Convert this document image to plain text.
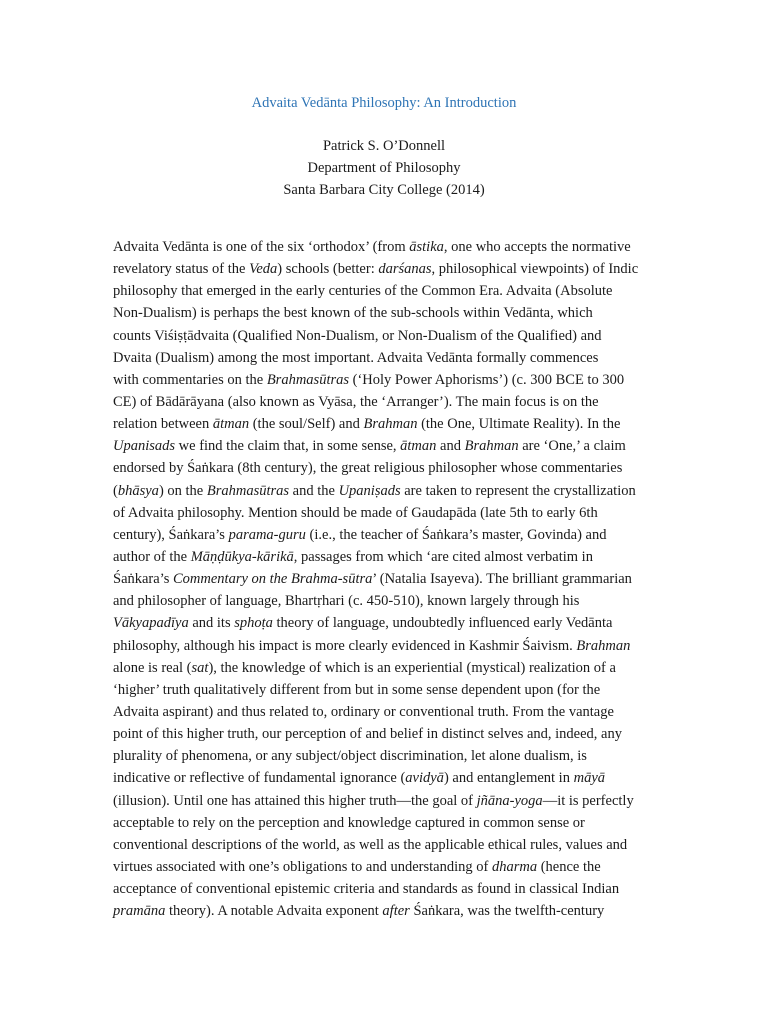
Advaita Vedānta Philosophy: An Introduction
Patrick S. O’Donnell
Department of Philosophy
Santa Barbara City College (2014)
Advaita Vedānta is one of the six ‘orthodox’ (from āstika, one who accepts the normative
revelatory status of the Veda) schools (better: darśanas, philosophical viewpoints) of Indic
philosophy that emerged in the early centuries of the Common Era. Advaita (Absolute
Non-Dualism) is perhaps the best known of the sub-schools within Vedānta, which
counts Viśiṣṭādvaita (Qualified Non-Dualism, or Non-Dualism of the Qualified) and
Dvaita (Dualism) among the most important. Advaita Vedānta formally commences
with commentaries on the Brahmasūtras (‘Holy Power Aphorisms’) (c. 300 BCE to 300
CE) of Bādārāyana (also known as Vyāsa, the ‘Arranger’). The main focus is on the
relation between ātman (the soul/Self) and Brahman (the One, Ultimate Reality). In the
Upanisads we find the claim that, in some sense, ātman and Brahman are ‘One,’ a claim
endorsed by Śaṅkara (8th century), the great religious philosopher whose commentaries
(bhāsya) on the Brahmasūtras and the Upaniṣads are taken to represent the crystallization
of Advaita philosophy. Mention should be made of Gaudapāda (late 5th to early 6th
century), Śaṅkara’s parama-guru (i.e., the teacher of Śaṅkara’s master, Govinda) and
author of the Māṇḍūkya-kārikā, passages from which ‘are cited almost verbatim in
Śaṅkara’s Commentary on the Brahma-sūtra’ (Natalia Isayeva). The brilliant grammarian
and philosopher of language, Bhartṛhari (c. 450-510), known largely through his
Vākyapadīya and its sphoṭa theory of language, undoubtedly influenced early Vedānta
philosophy, although his impact is more clearly evidenced in Kashmir Śaivism. Brahman
alone is real (sat), the knowledge of which is an experiential (mystical) realization of a
‘higher’ truth qualitatively different from but in some sense dependent upon (for the
Advaita aspirant) and thus related to, ordinary or conventional truth. From the vantage
point of this higher truth, our perception of and belief in distinct selves and, indeed, any
plurality of phenomena, or any subject/object discrimination, let alone dualism, is
indicative or reflective of fundamental ignorance (avidyā) and entanglement in māyā
(illusion). Until one has attained this higher truth—the goal of jñāna-yoga—it is perfectly
acceptable to rely on the perception and knowledge captured in common sense or
conventional descriptions of the world, as well as the applicable ethical rules, values and
virtues associated with one’s obligations to and understanding of dharma (hence the
acceptance of conventional epistemic criteria and standards as found in classical Indian
pramāna theory). A notable Advaita exponent after Śaṅkara, was the twelfth-century
